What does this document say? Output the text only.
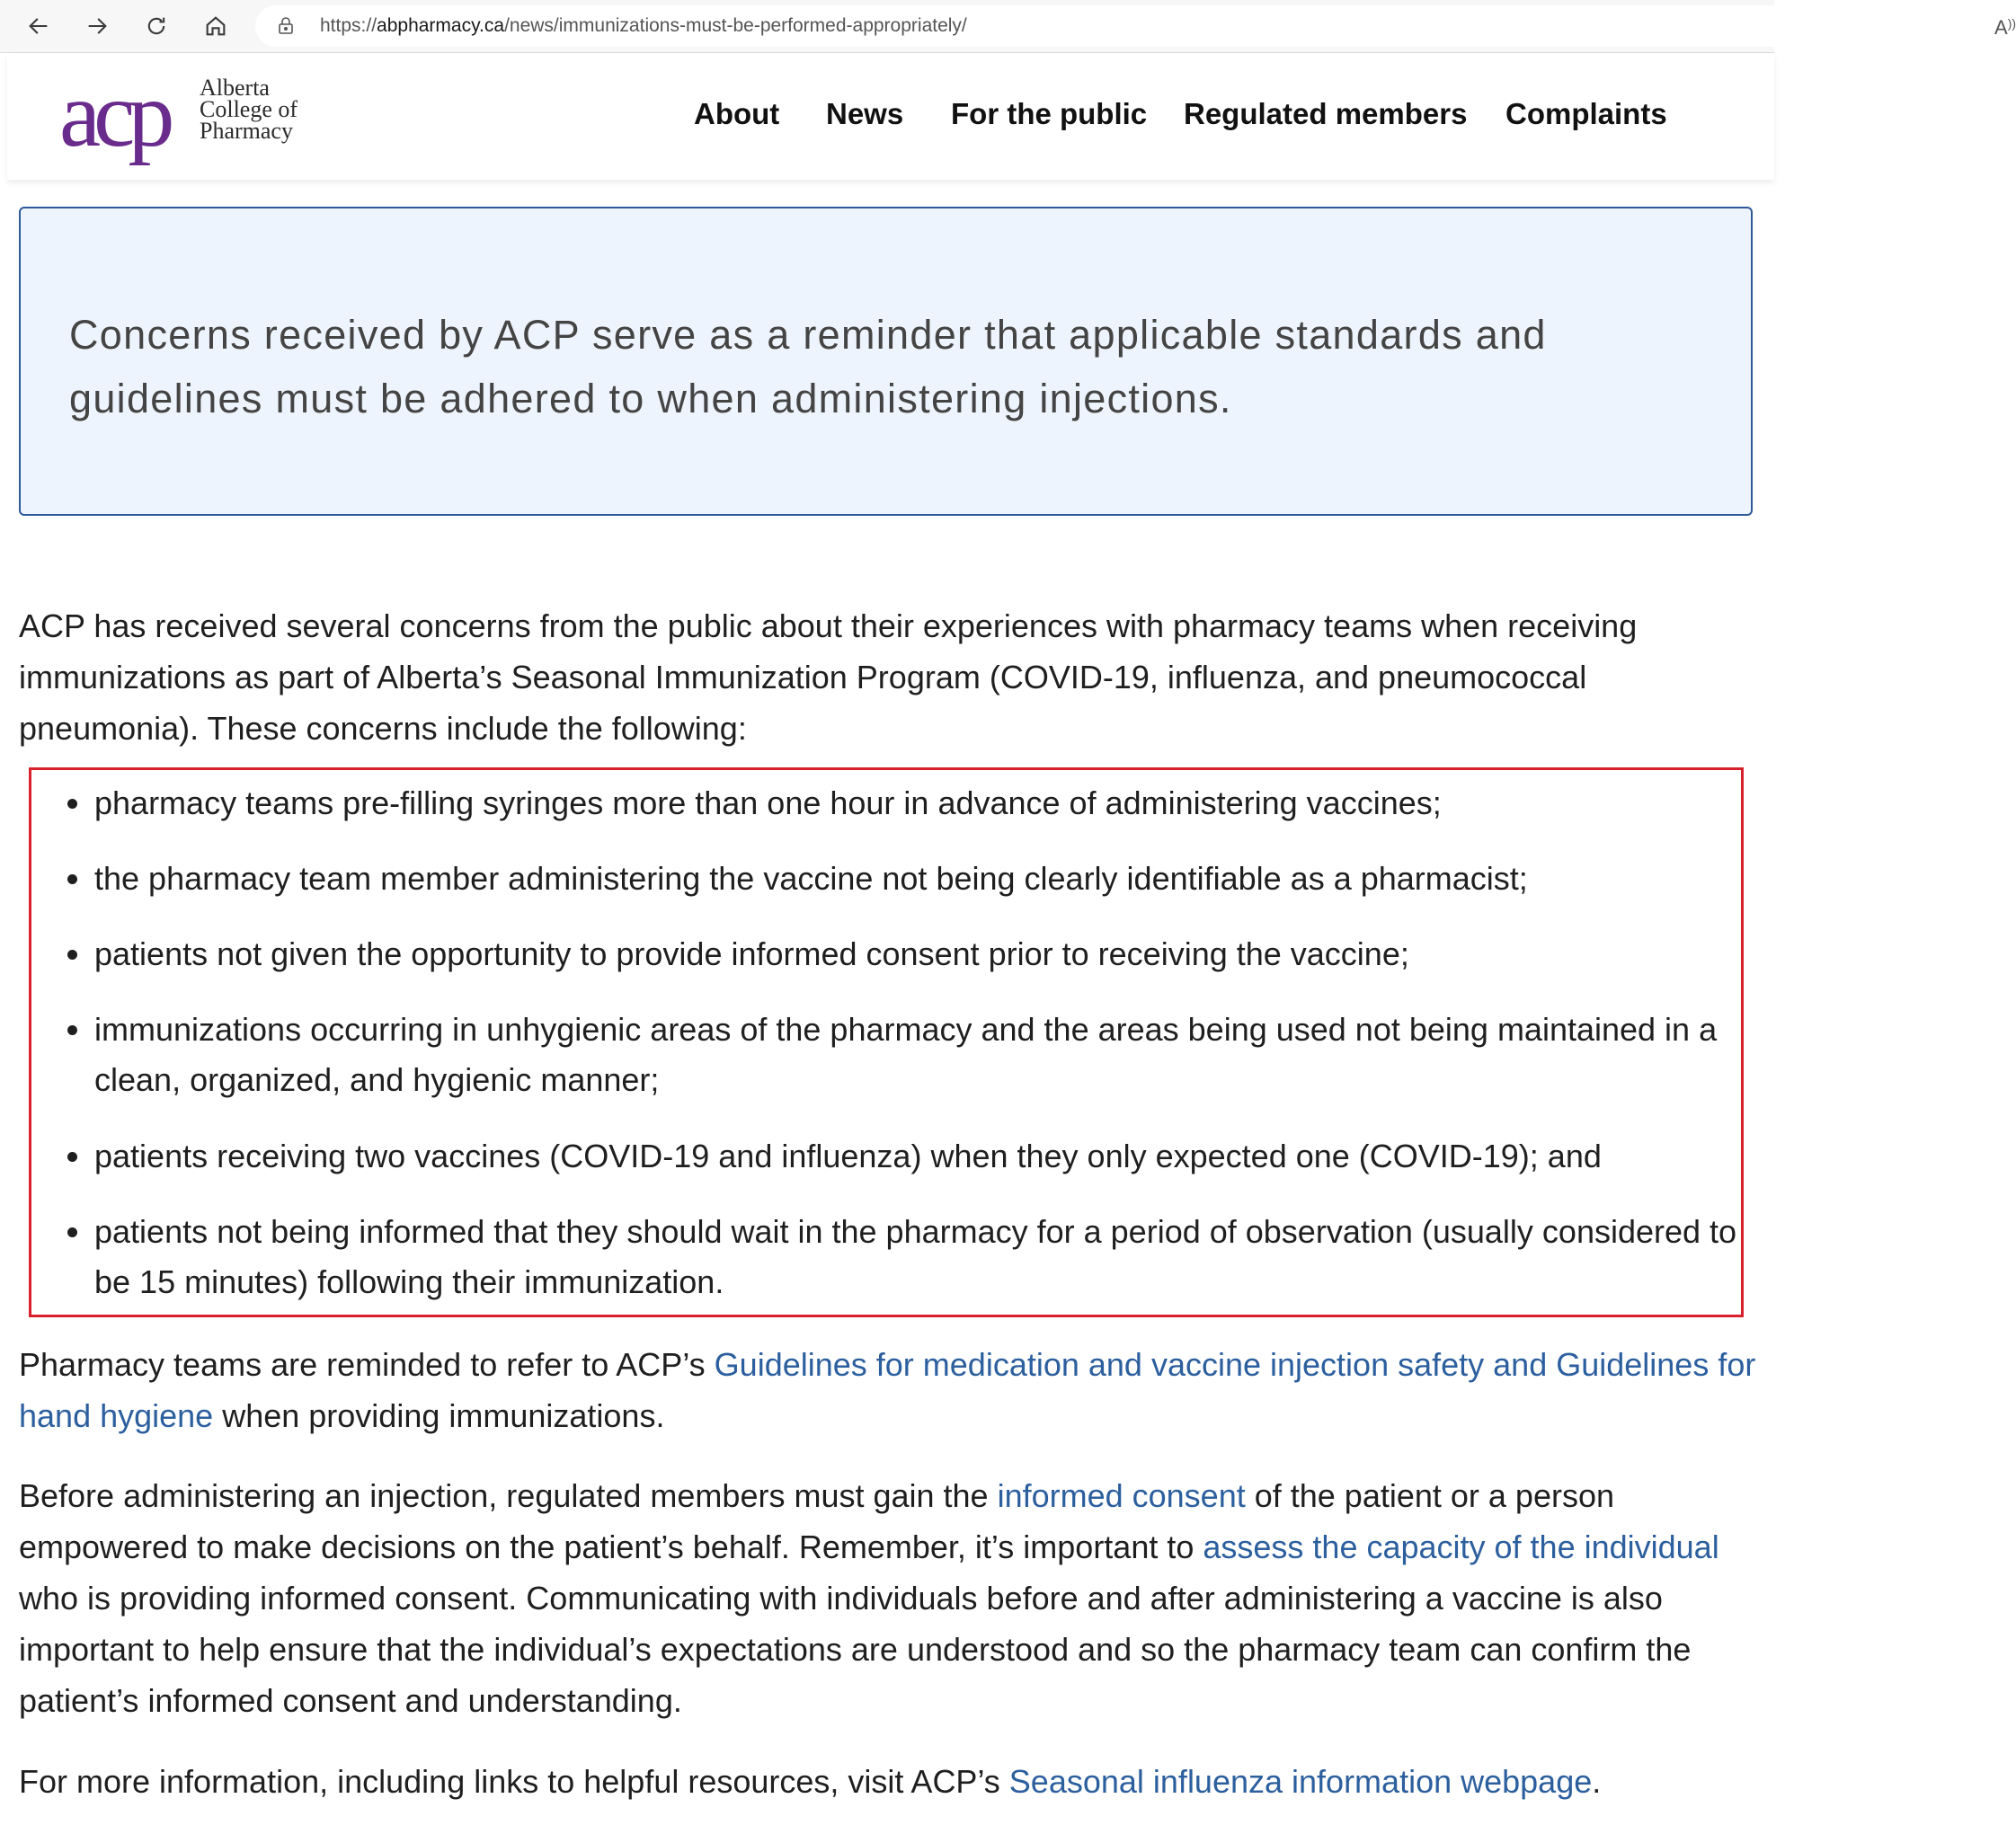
https://abpharmacy.ca/news/immunizations-must-be-performed-appropriately/	A))
acp Alberta
College of
Pharmacy
About News For the public Regulated members Complaints
Concerns received by ACP serve as a reminder that applicable standards and guidelines must be adhered to when administering injections.

ACP has received several concerns from the public about their experiences with pharmacy teams when receiving immunizations as part of Alberta’s Seasonal Immunization Program (COVID-19, influenza, and pneumococcal pneumonia). These concerns include the following:

pharmacy teams pre-filling syringes more than one hour in advance of administering vaccines;
the pharmacy team member administering the vaccine not being clearly identifiable as a pharmacist;
patients not given the opportunity to provide informed consent prior to receiving the vaccine;
immunizations occurring in unhygienic areas of the pharmacy and the areas being used not being maintained in a clean, organized, and hygienic manner;
patients receiving two vaccines (COVID-19 and influenza) when they only expected one (COVID-19); and
patients not being informed that they should wait in the pharmacy for a period of observation (usually considered to be 15 minutes) following their immunization.

Pharmacy teams are reminded to refer to ACP’s Guidelines for medication and vaccine injection safety and Guidelines for hand hygiene when providing immunizations.

Before administering an injection, regulated members must gain the informed consent of the patient or a person empowered to make decisions on the patient’s behalf. Remember, it’s important to assess the capacity of the individual who is providing informed consent. Communicating with individuals before and after administering a vaccine is also important to help ensure that the individual’s expectations are understood and so the pharmacy team can confirm the patient’s informed consent and understanding.

For more information, including links to helpful resources, visit ACP’s Seasonal influenza information webpage.
